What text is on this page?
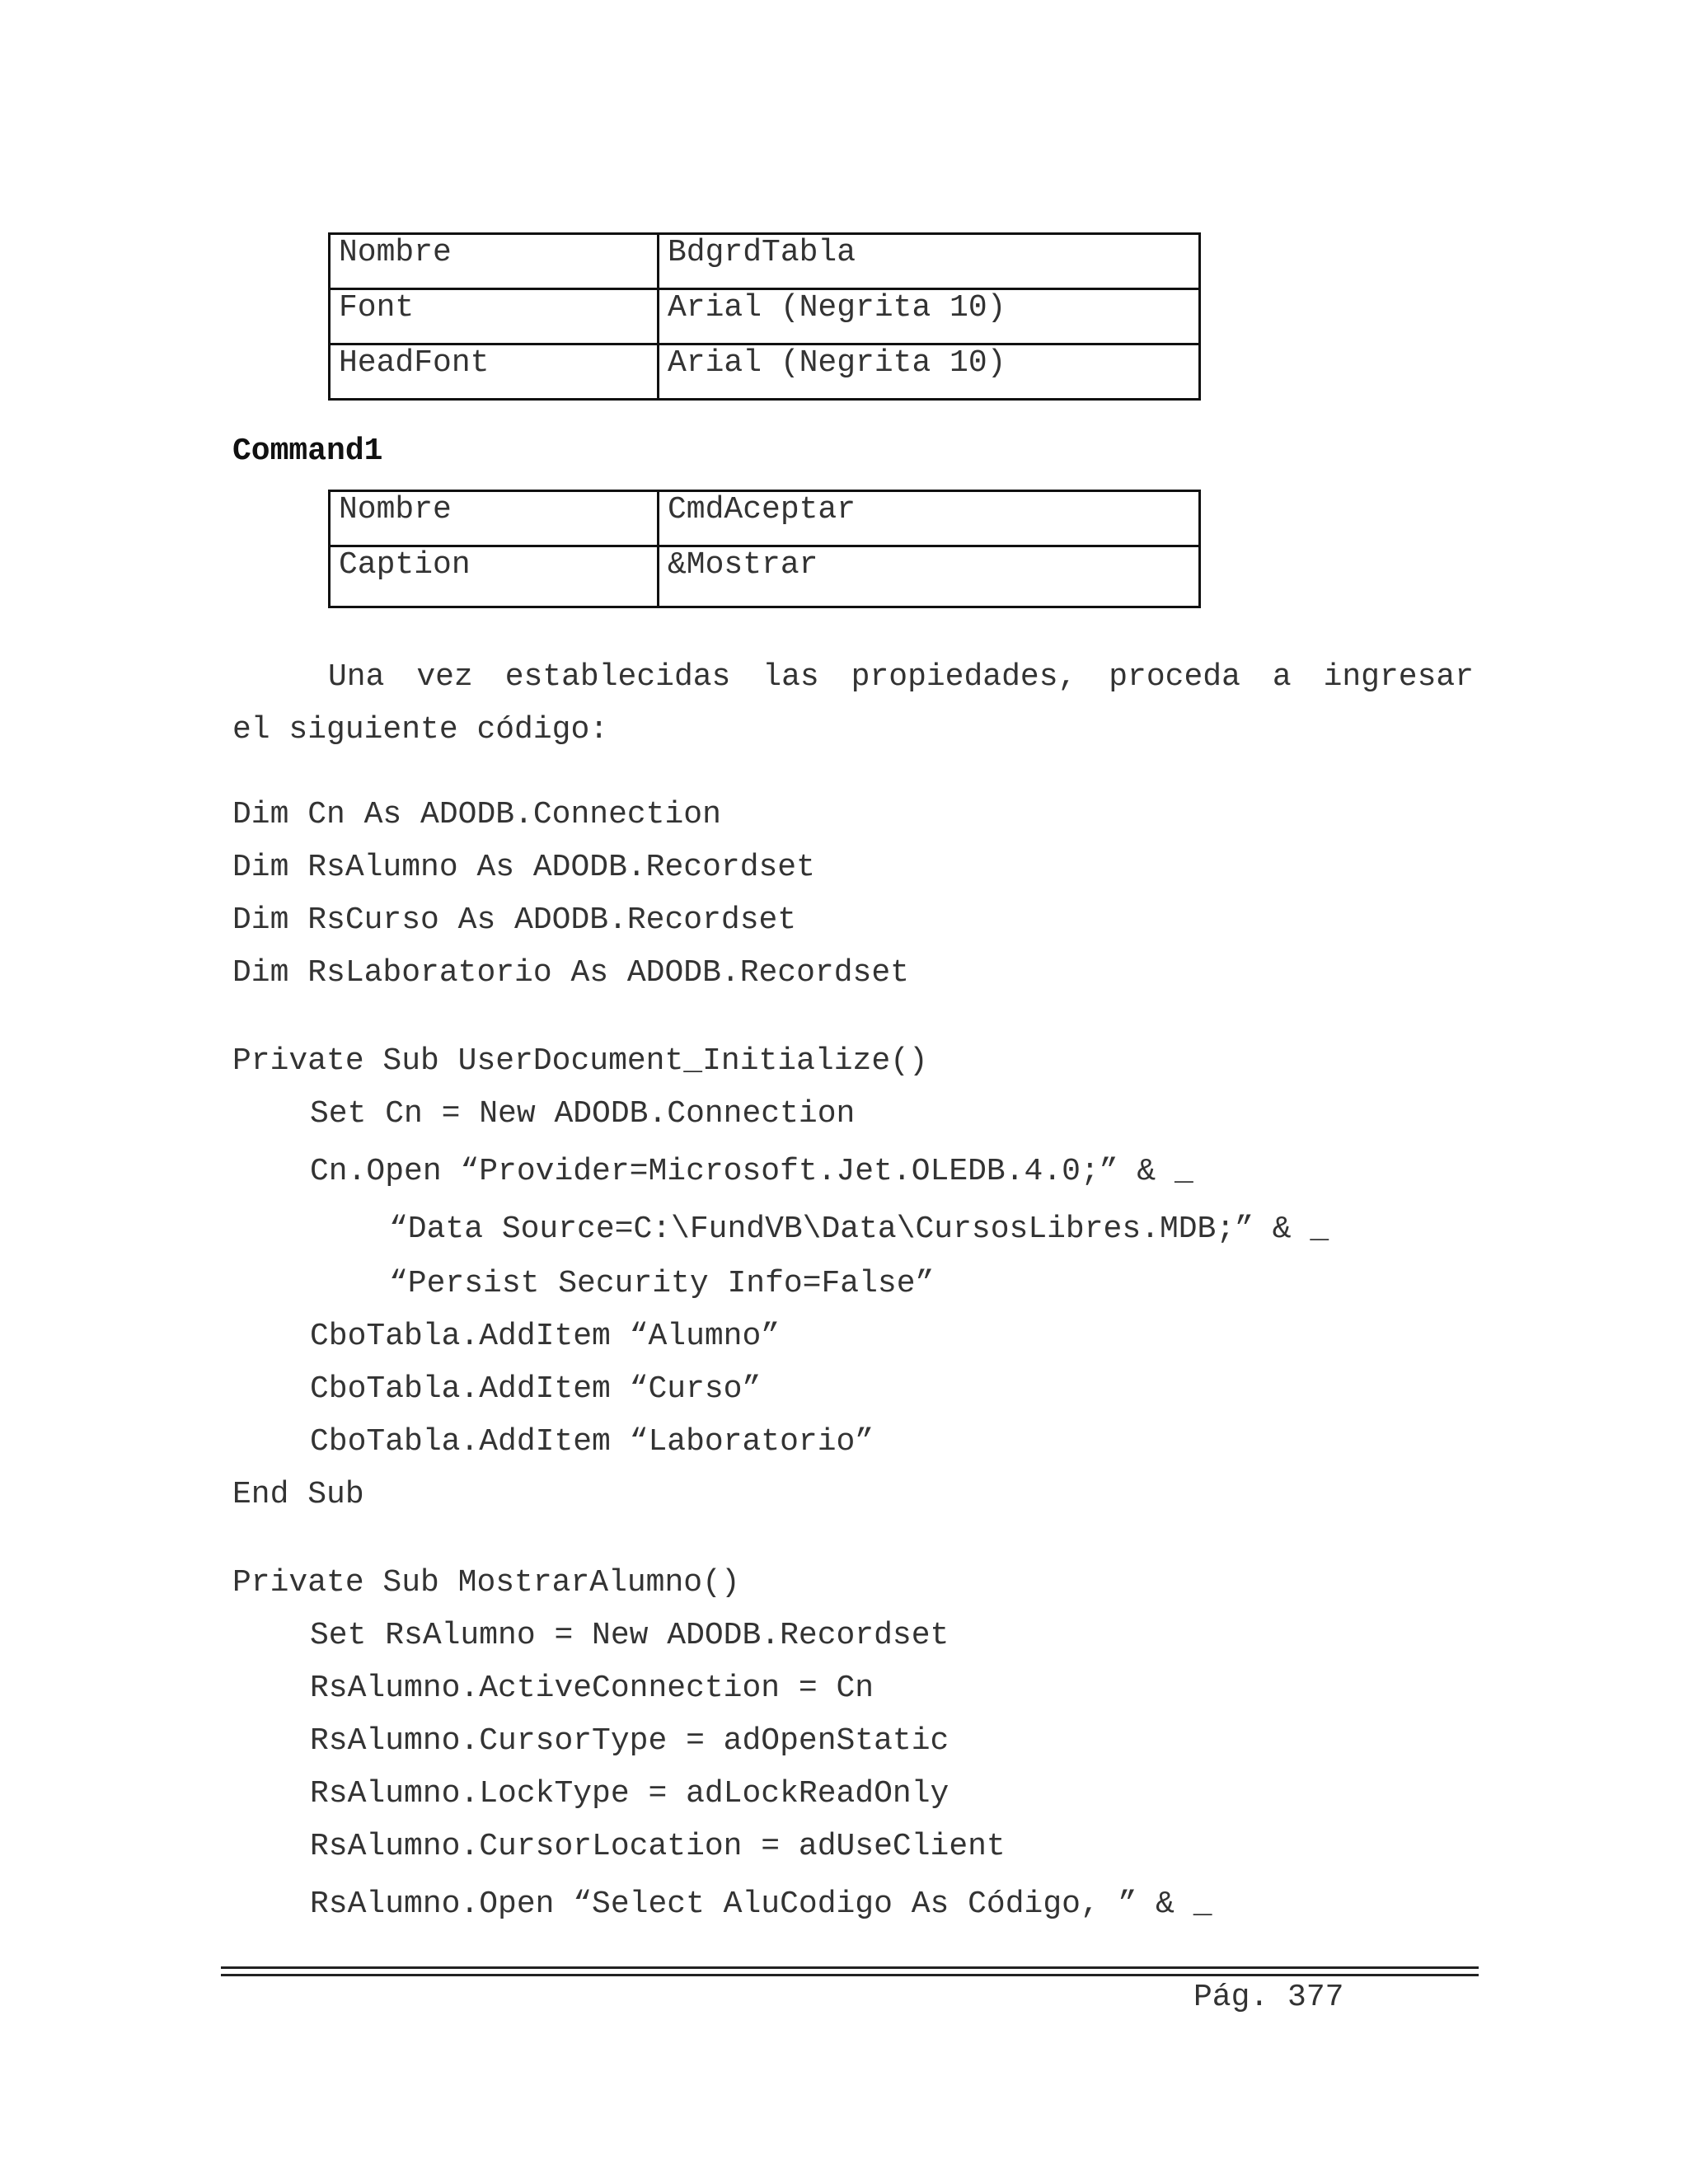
Nombre	BdgrdTabla
Font	Arial (Negrita 10)
HeadFont	Arial (Negrita 10)
Command1
Nombre	CmdAceptar
Caption	&Mostrar
Una vez establecidas las propiedades, proceda a ingresar
el siguiente código:
Dim Cn As ADODB.Connection
Dim RsAlumno As ADODB.Recordset
Dim RsCurso As ADODB.Recordset
Dim RsLaboratorio As ADODB.Recordset
Private Sub UserDocument_Initialize()
Set Cn = New ADODB.Connection
Cn.Open “Provider=Microsoft.Jet.OLEDB.4.0;” & _
“Data Source=C:\FundVB\Data\CursosLibres.MDB;” & _
“Persist Security Info=False”
CboTabla.AddItem “Alumno”
CboTabla.AddItem “Curso”
CboTabla.AddItem “Laboratorio”
End Sub
Private Sub MostrarAlumno()
Set RsAlumno = New ADODB.Recordset
RsAlumno.ActiveConnection = Cn
RsAlumno.CursorType = adOpenStatic
RsAlumno.LockType = adLockReadOnly
RsAlumno.CursorLocation = adUseClient
RsAlumno.Open “Select AluCodigo As Código, ” & _
Pág. 377
